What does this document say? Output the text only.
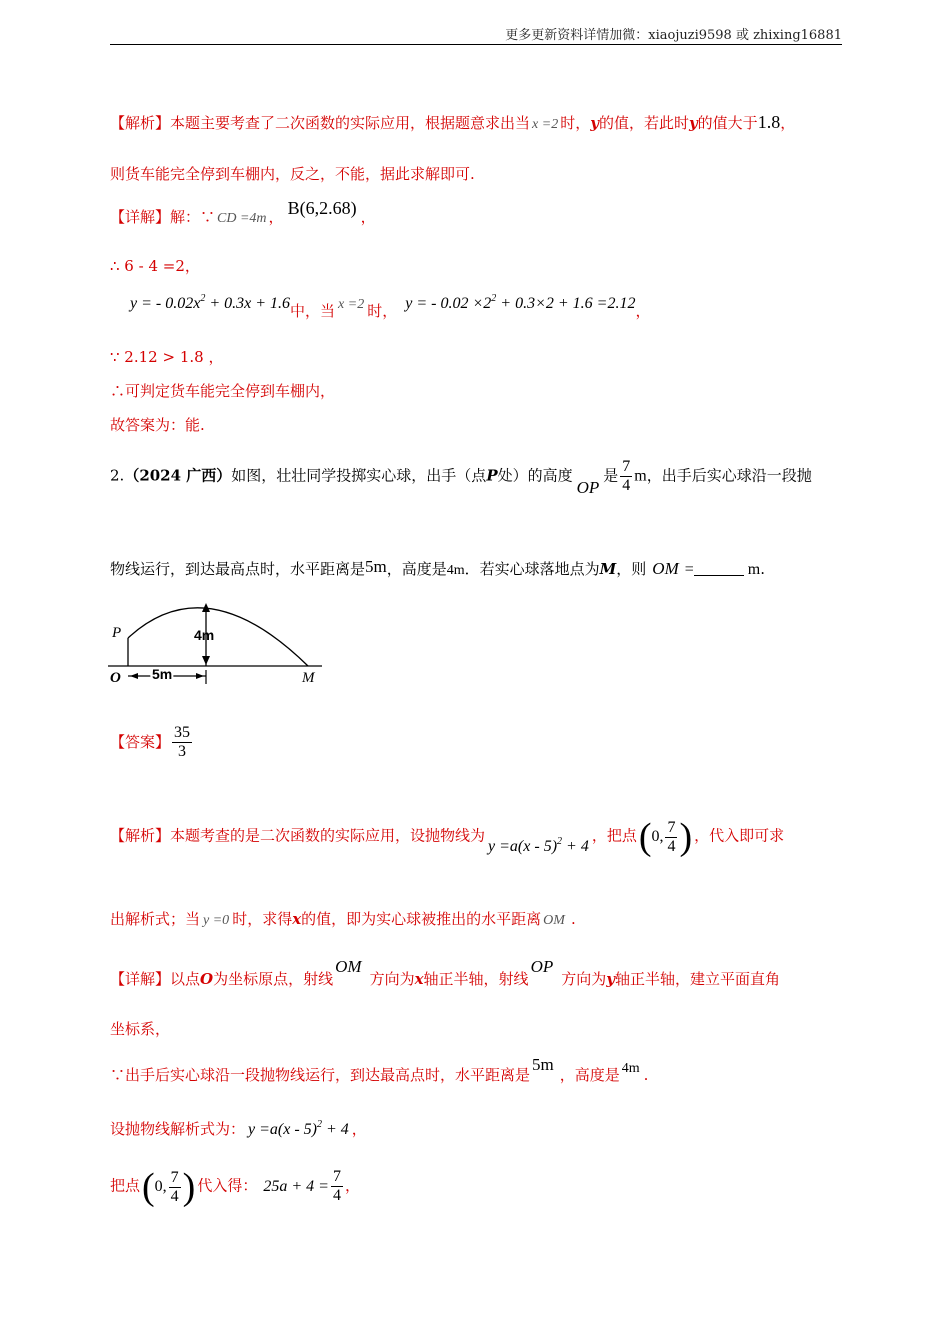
更多更新资料详情加微：xiaojuzi9598 或 zhixing16881
【解析】本题主要考查了二次函数的实际应用，根据题意求出当 x =2 时，y的值，若此时y的值大于1.8，
则货车能完全停到车棚内，反之，不能，据此求解即可.
【详解】解：∵ CD =4m ， B(6,2.68) ，
∴ 6 - 4 =2，
y = - $0.02x^2 + 0.3x + 1.6$中，当 x =2 时， y = - $0.02 \times 2^2 + 0.3\times 2 + 1.6 =2.12$，
∵ 2.12 > 1.8 ，
∴可判定货车能完全停到车棚内，
故答案为：能.
2.（2024 广西）如图，壮壮同学投掷实心球，出手（点P处）的高度OP是 $\frac{7}{4}$ m，出手后实心球沿一段抛
物线运行，到达最高点时，水平距离是5m，高度是4m．若实心球落地点为M，则 OM =	m.
P
O	M
4m
5m
【答案】 $\frac{35}{3}$
【解析】本题考查的是二次函数的实际应用，设抛物线为y =a(x - 5)$^2$ + 4，把点(0, $\frac{7}{4}$ ) ，代入即可求
出解析式；当 y =0 时，求得x的值，即为实心球被推出的水平距离 OM .
【详解】以点O为坐标原点，射线OM方向为x轴正半轴，射线OP方向为y轴正半轴，建立平面直角
坐标系，
∵出手后实心球沿一段抛物线运行，到达最高点时，水平距离是5m，高度是 4m .
设抛物线解析式为： y =a(x - 5)$^2$ + 4 ，
把点(0, $\frac{7}{4}$ ) 代入得： $25a + 4 = \frac{7}{4}$ ，
